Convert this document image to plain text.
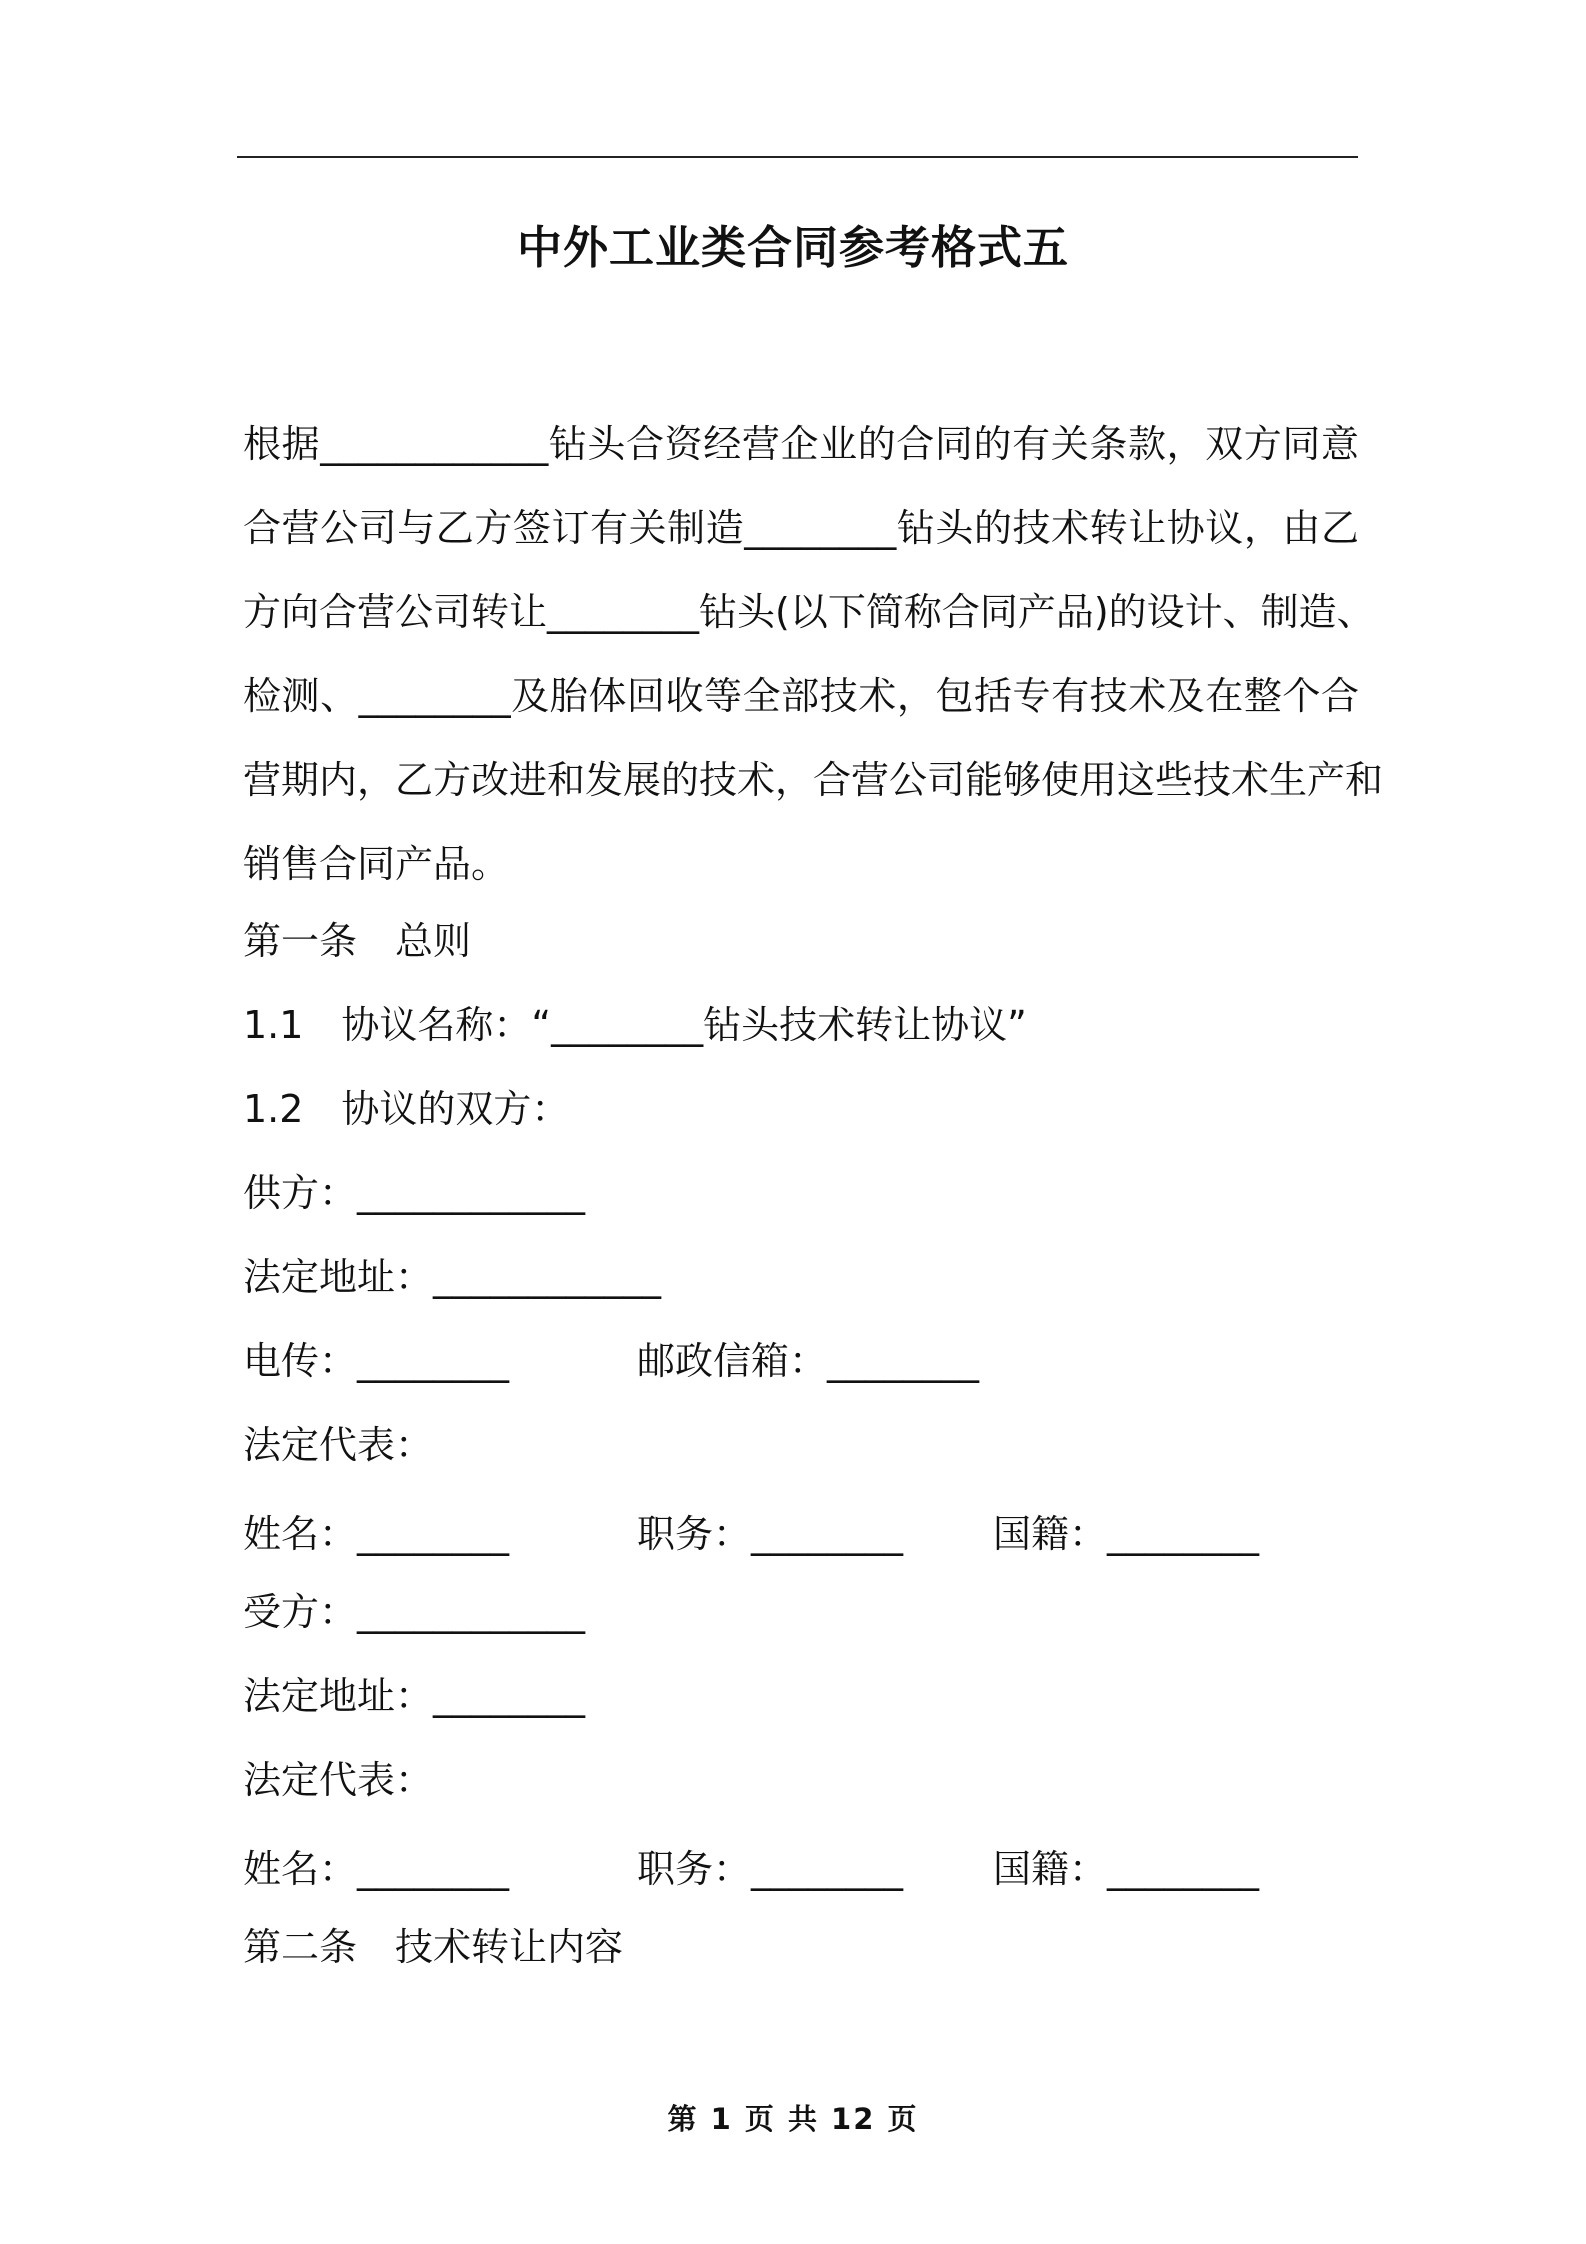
中外工业类合同参考格式五
根据____________钻头合资经营企业的合同的有关条款，双方同意
合营公司与乙方签订有关制造________钻头的技术转让协议，由乙
方向合营公司转让________钻头(以下简称合同产品)的设计、制造、
检测、________及胎体回收等全部技术，包括专有技术及在整个合
营期内，乙方改进和发展的技术，合营公司能够使用这些技术生产和
销售合同产品。
第一条　总则
1.1　协议名称：“________钻头技术转让协议”
1.2　协议的双方：
供方：____________
法定地址：____________
电传：________	邮政信箱：________
法定代表：
姓名：________	职务：________ 国籍：________
受方：____________
法定地址：________
法定代表：
姓名：________	职务：________ 国籍：________
第二条　技术转让内容
第 1 页 共 12 页
